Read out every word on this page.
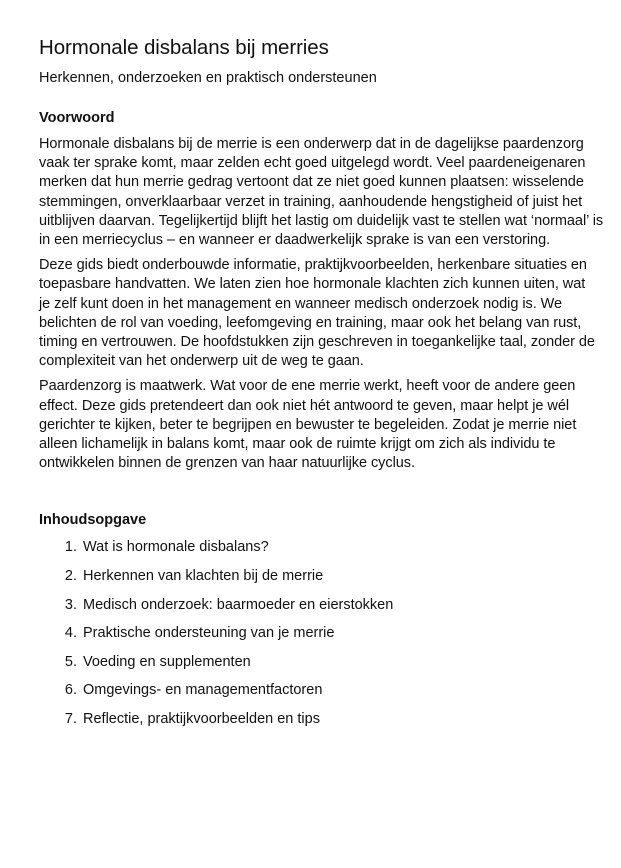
Hormonale disbalans bij merries

Herkennen, onderzoeken en praktisch ondersteunen

Voorwoord

Hormonale disbalans bij de merrie is een onderwerp dat in de dagelijkse paardenzorg vaak ter sprake komt, maar zelden echt goed uitgelegd wordt. Veel paardeneigenaren merken dat hun merrie gedrag vertoont dat ze niet goed kunnen plaatsen: wisselende stemmingen, onverklaarbaar verzet in training, aanhoudende hengstigheid of juist het uitblijven daarvan. Tegelijkertijd blijft het lastig om duidelijk vast te stellen wat ‘normaal’ is in een merriecyclus – en wanneer er daadwerkelijk sprake is van een verstoring.

Deze gids biedt onderbouwde informatie, praktijkvoorbeelden, herkenbare situaties en toepasbare handvatten. We laten zien hoe hormonale klachten zich kunnen uiten, wat je zelf kunt doen in het management en wanneer medisch onderzoek nodig is. We belichten de rol van voeding, leefomgeving en training, maar ook het belang van rust, timing en vertrouwen. De hoofdstukken zijn geschreven in toegankelijke taal, zonder de complexiteit van het onderwerp uit de weg te gaan.

Paardenzorg is maatwerk. Wat voor de ene merrie werkt, heeft voor de andere geen effect. Deze gids pretendeert dan ook niet hét antwoord te geven, maar helpt je wél gerichter te kijken, beter te begrijpen en bewuster te begeleiden. Zodat je merrie niet alleen lichamelijk in balans komt, maar ook de ruimte krijgt om zich als individu te ontwikkelen binnen de grenzen van haar natuurlijke cyclus.

Inhoudsopgave
1. Wat is hormonale disbalans?
2. Herkennen van klachten bij de merrie
3. Medisch onderzoek: baarmoeder en eierstokken
4. Praktische ondersteuning van je merrie
5. Voeding en supplementen
6. Omgevings- en managementfactoren
7. Reflectie, praktijkvoorbeelden en tips
